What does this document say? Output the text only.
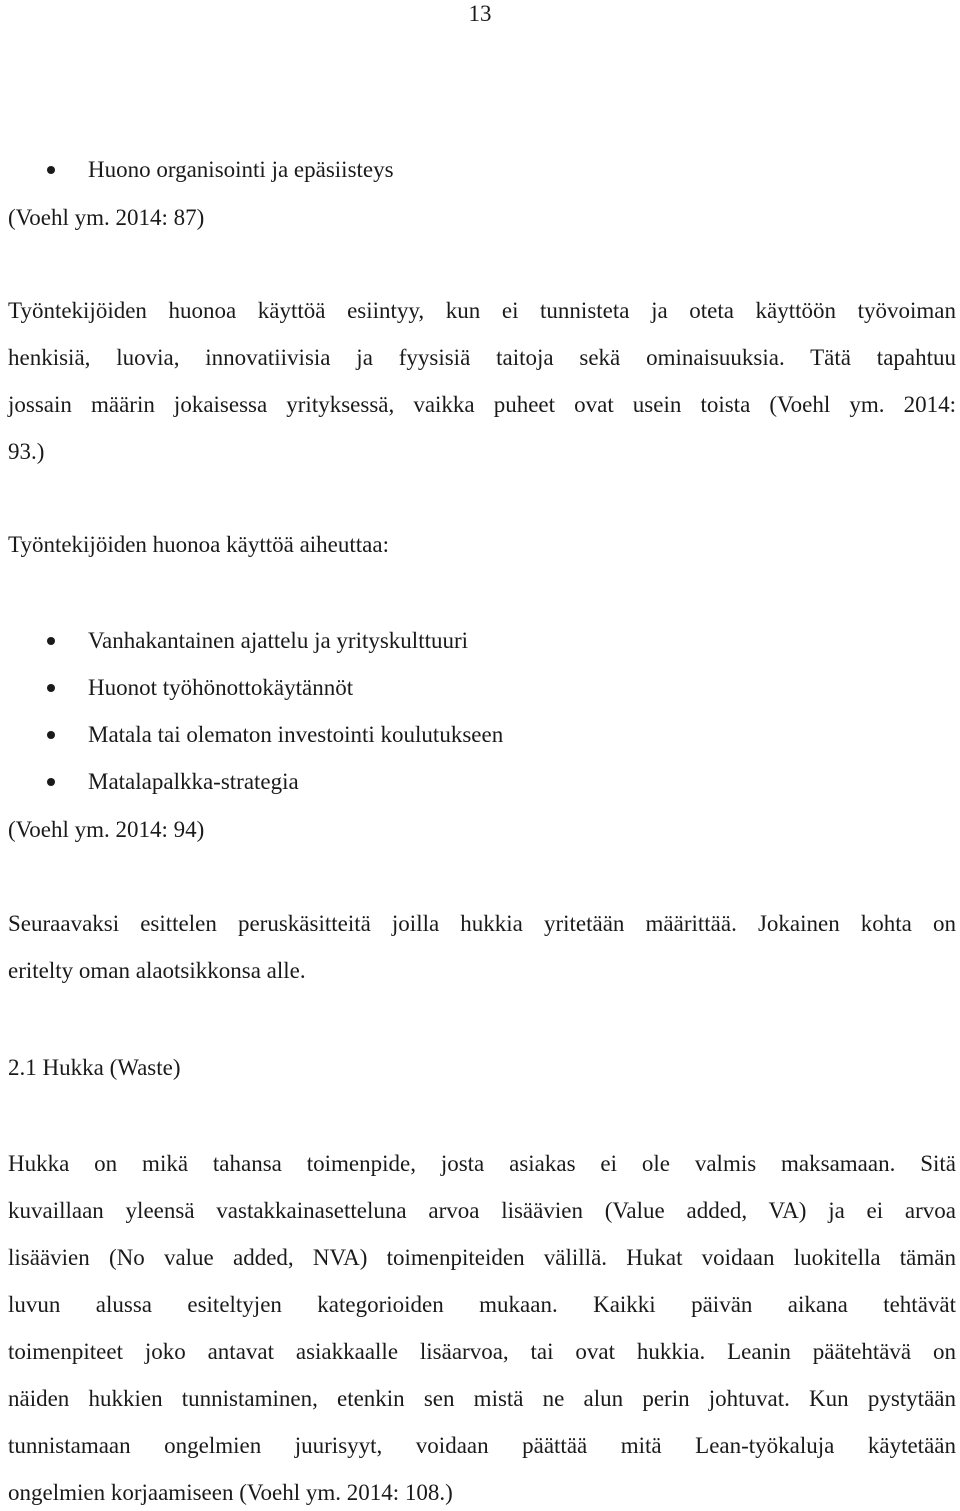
13
Huono organisointi ja epäsiisteys
(Voehl ym. 2014: 87)
Työntekijöiden huonoa käyttöä esiintyy, kun ei tunnisteta ja oteta käyttöön työvoiman
henkisiä, luovia, innovatiivisia ja fyysisiä taitoja sekä ominaisuuksia. Tätä tapahtuu
jossain määrin jokaisessa yrityksessä, vaikka puheet ovat usein toista (Voehl ym. 2014:
93.)
Työntekijöiden huonoa käyttöä aiheuttaa:
Vanhakantainen ajattelu ja yrityskulttuuri
Huonot työhönottokäytännöt
Matala tai olematon investointi koulutukseen
Matalapalkka-strategia
(Voehl ym. 2014: 94)
Seuraavaksi esittelen peruskäsitteitä joilla hukkia yritetään määrittää. Jokainen kohta on
eritelty oman alaotsikkonsa alle.
2.1 Hukka (Waste)
Hukka on mikä tahansa toimenpide, josta asiakas ei ole valmis maksamaan. Sitä
kuvaillaan yleensä vastakkainasetteluna arvoa lisäävien (Value added, VA) ja ei arvoa
lisäävien (No value added, NVA) toimenpiteiden välillä. Hukat voidaan luokitella tämän
luvun alussa esiteltyjen kategorioiden mukaan. Kaikki päivän aikana tehtävät
toimenpiteet joko antavat asiakkaalle lisäarvoa, tai ovat hukkia. Leanin päätehtävä on
näiden hukkien tunnistaminen, etenkin sen mistä ne alun perin johtuvat. Kun pystytään
tunnistamaan ongelmien juurisyyt, voidaan päättää mitä Lean-työkaluja käytetään
ongelmien korjaamiseen (Voehl ym. 2014: 108.)
